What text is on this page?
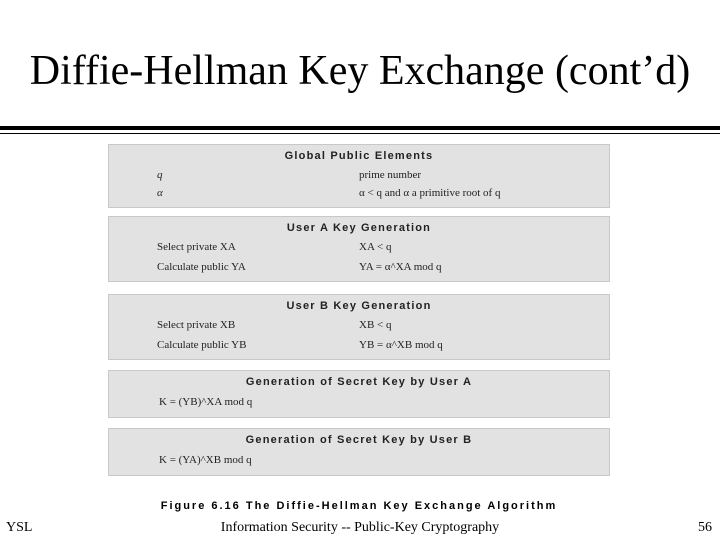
Diffie-Hellman Key Exchange (cont’d)
Global Public Elements
q	prime number
α	α < q and α a primitive root of q
User A Key Generation
Select private XA	XA < q
Calculate public YA	YA = α^XA mod q
User B Key Generation
Select private XB	XB < q
Calculate public YB	YB = α^XB mod q
Generation of Secret Key by User A
K = (YB)^XA mod q
Generation of Secret Key by User B
K = (YA)^XB mod q
Figure 6.16 The Diffie-Hellman Key Exchange Algorithm
YSL	Information Security -- Public-Key Cryptography	56
